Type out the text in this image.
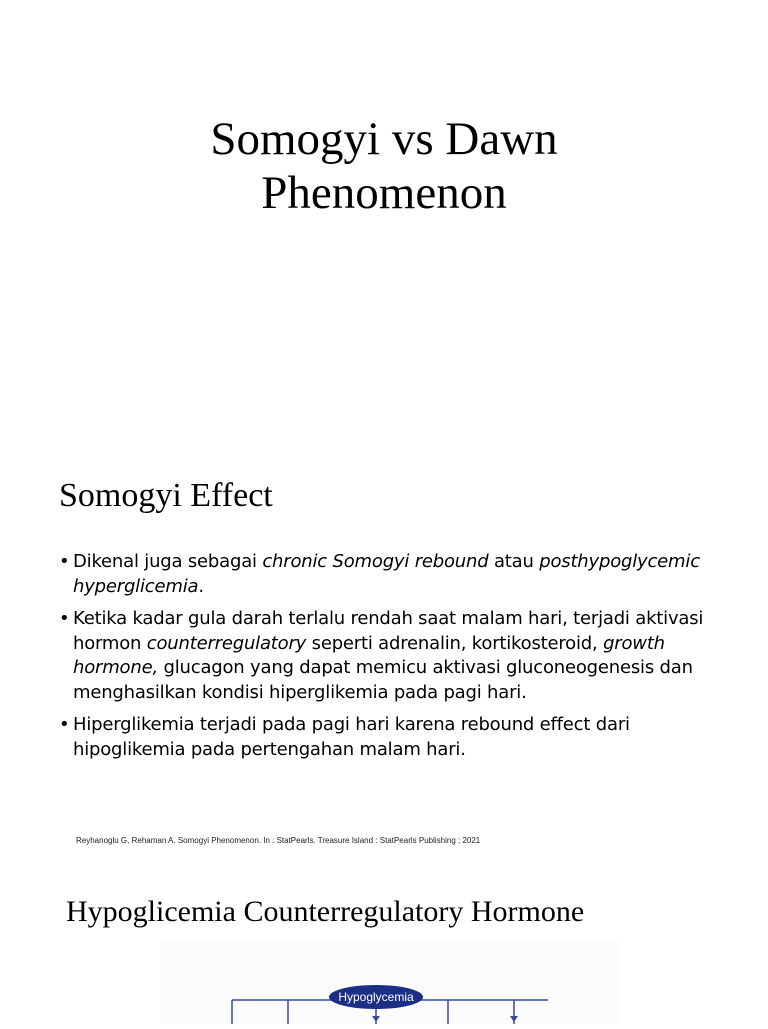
Somogyi vs Dawn
Phenomenon
Somogyi Effect
• Dikenal juga sebagai chronic Somogyi rebound atau posthypoglycemic hyperglicemia.
• Ketika kadar gula darah terlalu rendah saat malam hari, terjadi aktivasi hormon counterregulatory seperti adrenalin, kortikosteroid, growth hormone, glucagon yang dapat memicu aktivasi gluconeogenesis dan menghasilkan kondisi hiperglikemia pada pagi hari.
• Hiperglikemia terjadi pada pagi hari karena rebound effect dari hipoglikemia pada pertengahan malam hari.
Reyhanoglu G, Rehaman A. Somogyi Phenomenon. In : StatPearls. Treasure Island : StatPearls Publishing ; 2021
Hypoglicemia Counterregulatory Hormone
Hypoglycemia
